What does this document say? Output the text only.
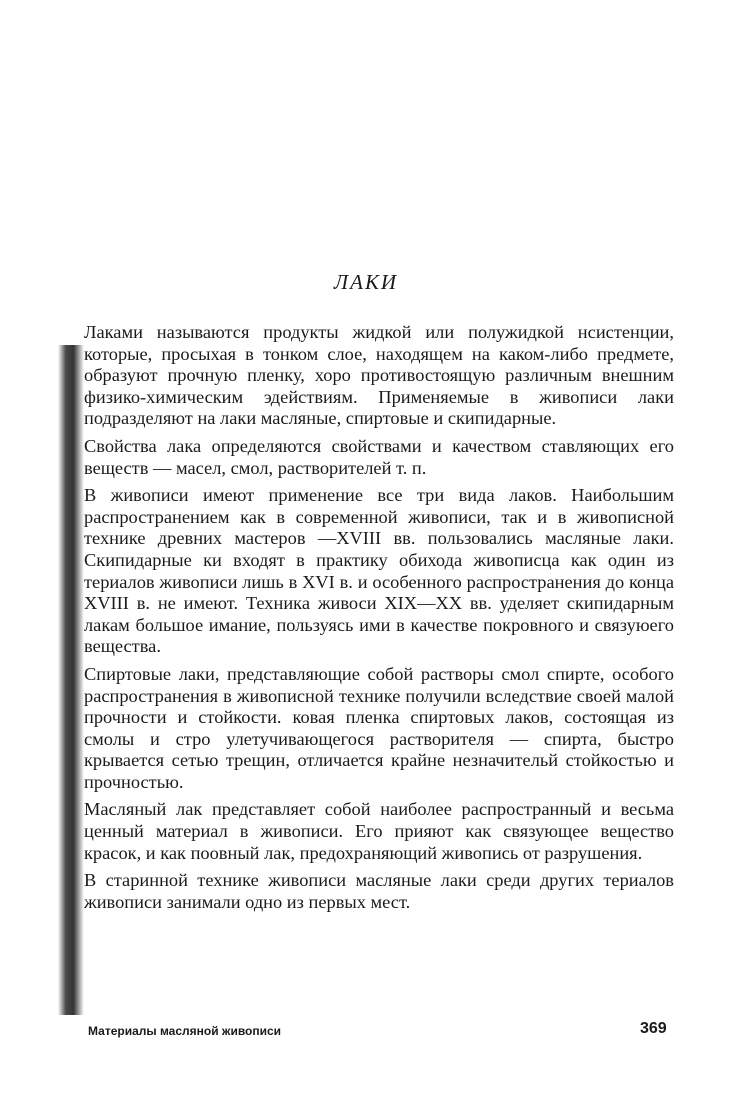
ЛАКИ

Лаками называются продукты жидкой или полужидкой нсистенции, которые, просыхая в тонком слое, находящем на каком-либо предмете, образуют прочную пленку, хоро противостоящую различным внешним физико-химическим эдействиям. Применяемые в живописи лаки подразделяют на лаки масляные, спиртовые и скипидарные.

Свойства лака определяются свойствами и качеством ставляющих его веществ — масел, смол, растворителей т. п.

В живописи имеют применение все три вида лаков. Наибольшим распространением как в современной живописи, так и в живописной технике древних мастеров —XVIII вв. пользовались масляные лаки. Скипидарные ки входят в практику обихода живописца как один из териалов живописи лишь в XVI в. и особенного распространения до конца XVIII в. не имеют. Техника живоси XIX—XX вв. уделяет скипидарным лакам большое имание, пользуясь ими в качестве покровного и связуюего вещества.

Спиртовые лаки, представляющие собой растворы смол спирте, особого распространения в живописной технике получили вследствие своей малой прочности и стойкости. ковая пленка спиртовых лаков, состоящая из смолы и стро улетучивающегося растворителя — спирта, быстро крывается сетью трещин, отличается крайне незначительй стойкостью и прочностью.

Масляный лак представляет собой наиболее распространный и весьма ценный материал в живописи. Его прияют как связующее вещество красок, и как поовный лак, предохраняющий живопись от разрушения.

В старинной технике живописи масляные лаки среди других териалов живописи занимали одно из первых мест.

Материалы масляной живописи	369
